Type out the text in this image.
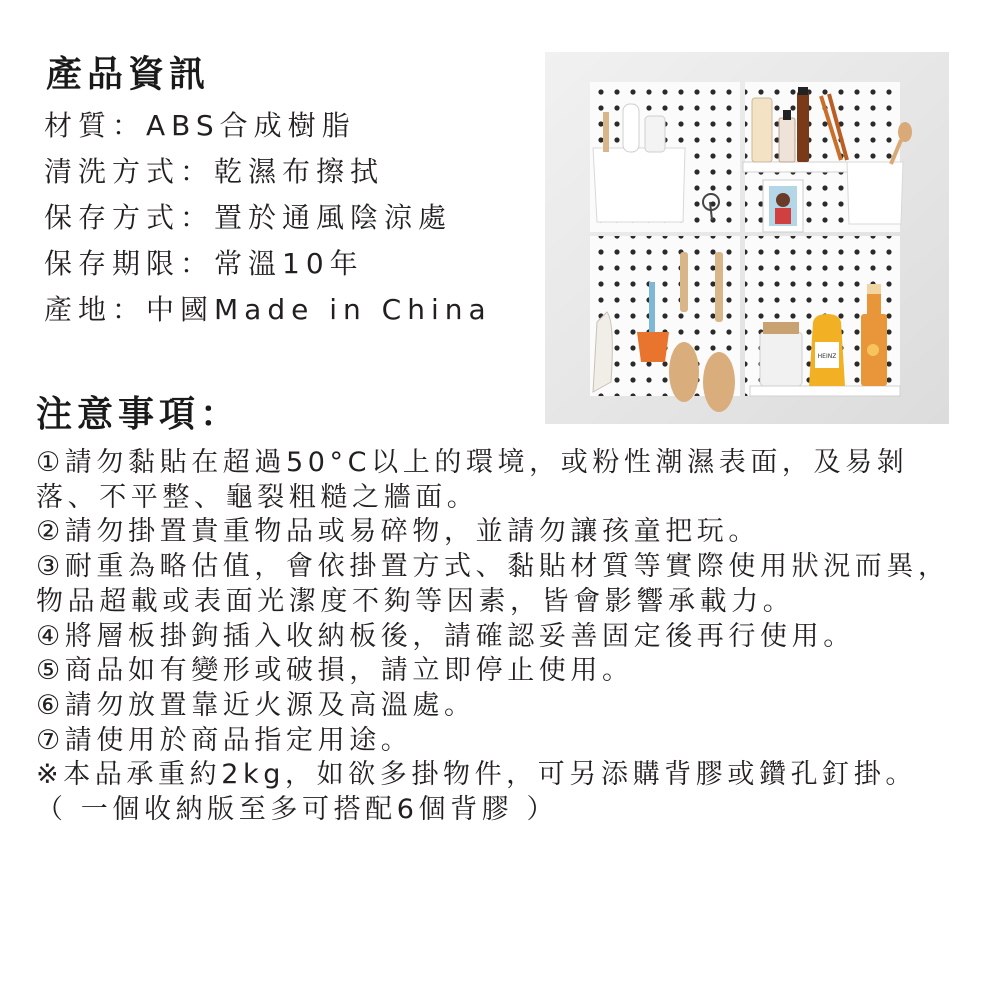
產品資訊
材質：ABS合成樹脂
清洗方式：乾濕布擦拭
保存方式：置於通風陰涼處
保存期限：常溫10年
產地：中國Made in China
注意事項：
①請勿黏貼在超過50°C以上的環境，或粉性潮濕表面，及易剝落、不平整、龜裂粗糙之牆面。
②請勿掛置貴重物品或易碎物，並請勿讓孩童把玩。
③耐重為略估值，會依掛置方式、黏貼材質等實際使用狀況而異，物品超載或表面光潔度不夠等因素，皆會影響承載力。
④將層板掛鉤插入收納板後，請確認妥善固定後再行使用。
⑤商品如有變形或破損，請立即停止使用。
⑥請勿放置靠近火源及高溫處。
⑦請使用於商品指定用途。
※本品承重約2kg，如欲多掛物件，可另添購背膠或鑽孔釘掛。
（ 一個收納版至多可搭配6個背膠 ）
HEINZ
